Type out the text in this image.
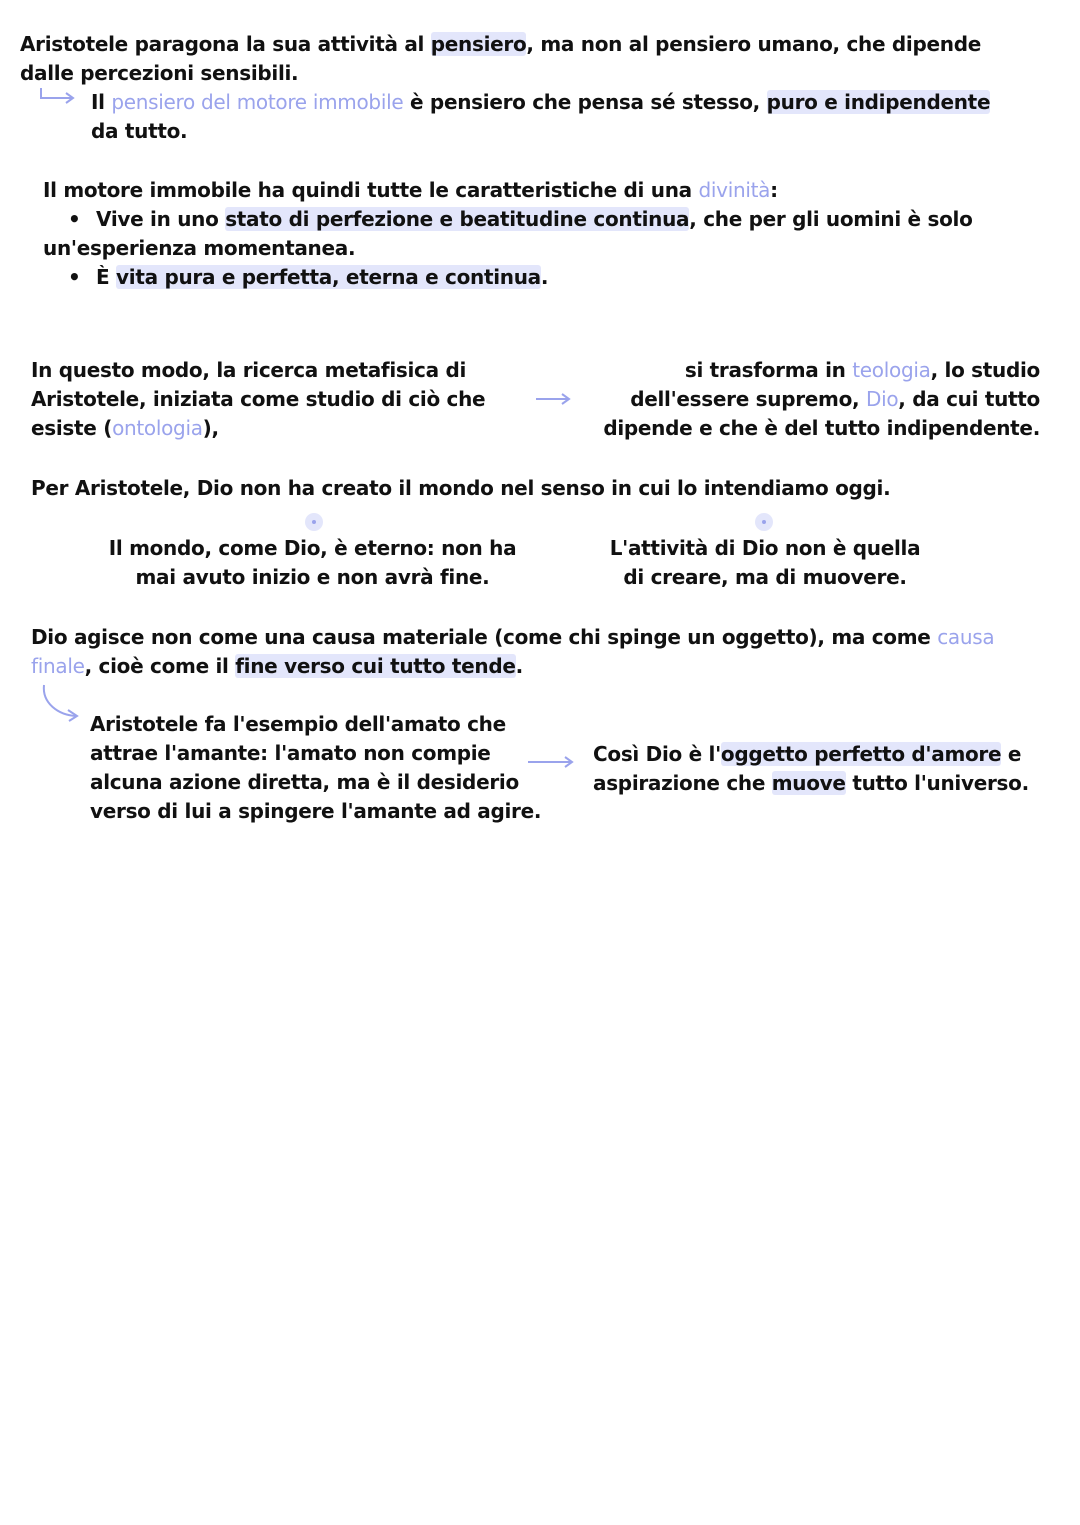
Aristotele paragona la sua attività al pensiero, ma non al pensiero umano, che dipende
dalle percezioni sensibili.
Il pensiero del motore immobile è pensiero che pensa sé stesso, puro e indipendente
da tutto.
Il motore immobile ha quindi tutte le caratteristiche di una divinità:
• Vive in uno stato di perfezione e beatitudine continua, che per gli uomini è solo
un'esperienza momentanea.
• È vita pura e perfetta, eterna e continua.
In questo modo, la ricerca metafisica di
Aristotele, iniziata come studio di ciò che
esiste (ontologia),
si trasforma in teologia, lo studio
dell'essere supremo, Dio, da cui tutto
dipende e che è del tutto indipendente.
Per Aristotele, Dio non ha creato il mondo nel senso in cui lo intendiamo oggi.
Il mondo, come Dio, è eterno: non ha
mai avuto inizio e non avrà fine.
L'attività di Dio non è quella
di creare, ma di muovere.
Dio agisce non come una causa materiale (come chi spinge un oggetto), ma come causa
finale, cioè come il fine verso cui tutto tende.
Aristotele fa l'esempio dell'amato che
attrae l'amante: l'amato non compie
alcuna azione diretta, ma è il desiderio
verso di lui a spingere l'amante ad agire.
Così Dio è l'oggetto perfetto d'amore e
aspirazione che muove tutto l'universo.
